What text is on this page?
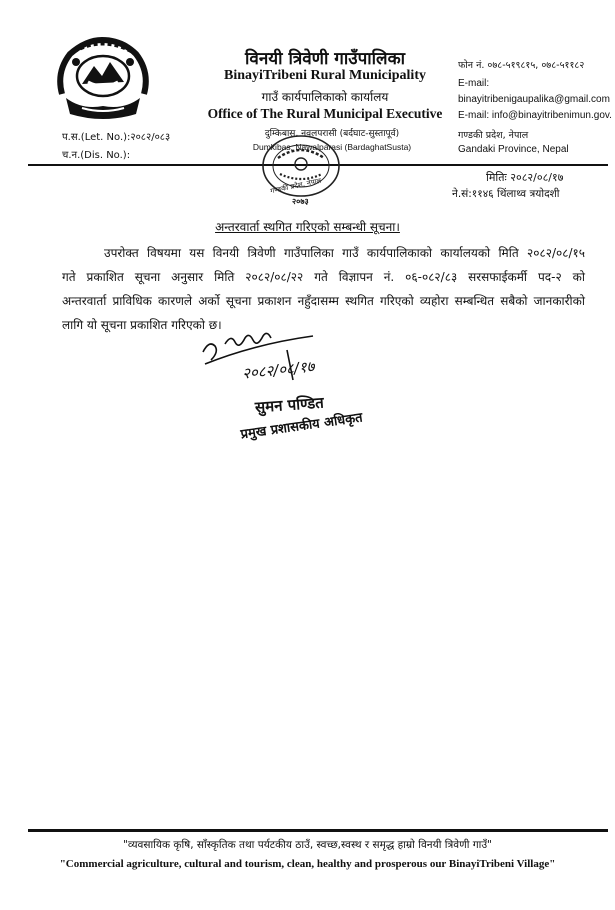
विनयी त्रिवेणी गाउँपालिका
BinayiTribeni Rural Municipality
गाउँ कार्यपालिकाको कार्यालय
Office of The Rural Municipal Executive
दुम्किबास, नवलपरासी (बर्दघाट-सुस्तापूर्व)
Dumkibas, Nawalparasi (BardaghatSusta)
प.स.(Let. No.):२०८२/०८३
च.न.(Dis. No.):
फोन नं. ०७८-५१९८१५, ०७८-५११८२
E-mail:
binayitribenigaupalika@gmail.com
E-mail: info@binayitribenimun.gov.
गण्डकी प्रदेश, नेपाल
Gandaki Province, Nepal
गण्डकी प्रदेश, नेपाल
२०७३
मितिः २०८२/०८/१७
ने.सं:११४६ थिंलाथ्व त्रयोदशी
अन्तरवार्ता स्थगित गरिएको सम्बन्धी सूचना।
उपरोक्त विषयमा यस विनयी त्रिवेणी गाउँपालिका गाउँ कार्यपालिकाको कार्यालयको मिति २०८२/०८/१५
गते प्रकाशित सूचना अनुसार मिति २०८२/०८/२२ गते विज्ञापन नं. ०६-०८२/८३ सरसफाईकर्मी पद-२ को
अन्तरवार्ता प्राविधिक कारणले अर्को सूचना प्रकाशन नहुँदासम्म स्थगित गरिएको व्यहोरा सम्बन्धित सबैको जानकारीको
लागि यो सूचना प्रकाशित गरिएको छ।
२०८२/०८/१७
सुमन पण्डित
प्रमुख प्रशासकीय अधिकृत
"व्यवसायिक कृषि, साँस्कृतिक तथा पर्यटकीय ठाउँ, स्वच्छ,स्वस्थ र समृद्ध हाम्रो विनयी त्रिवेणी गाउँ"
"Commercial agriculture, cultural and tourism, clean, healthy and prosperous our BinayiTribeni Village"
